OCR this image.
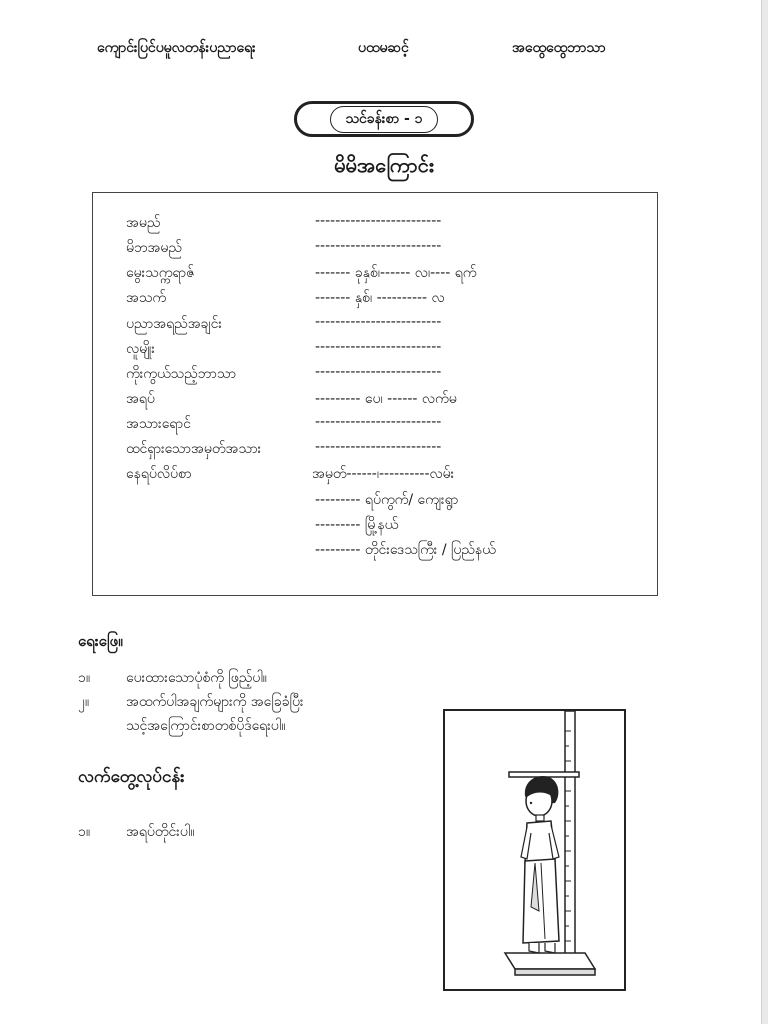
ကျောင်းပြင်ပမူလတန်းပညာရေး	ပထမဆင့်	အထွေထွေဘာသာ
သင်ခန်းစာ - ၁
မိမိအကြောင်း
အမည်	-------------------------
မိဘအမည်	-------------------------
မွေးသက္ကရာဇ်	------- ခုနှစ်၊------ လ၊---- ရက်
အသက်	------- နှစ်၊ ---------- လ
ပညာအရည်အချင်း	-------------------------
လူမျိုး	-------------------------
ကိုးကွယ်သည့်ဘာသာ	-------------------------
အရပ်	--------- ပေ၊ ------ လက်မ
အသားရောင်	-------------------------
ထင်ရှားသောအမှတ်အသား	-------------------------
နေရပ်လိပ်စာ	အမှတ်------၊----------လမ်း
--------- ရပ်ကွက်/ ကျေးရွာ
--------- မြို့နယ်
--------- တိုင်းဒေသကြီး / ပြည်နယ်
ရေးဖြေ။
၁။	ပေးထားသောပုံစံကို ဖြည့်ပါ။
၂။	အထက်ပါအချက်များကို အခြေခံပြီး
သင့်အကြောင်းစာတစ်ပိုဒ်ရေးပါ။
လက်တွေ့လုပ်ငန်း
၁။	အရပ်တိုင်းပါ။
